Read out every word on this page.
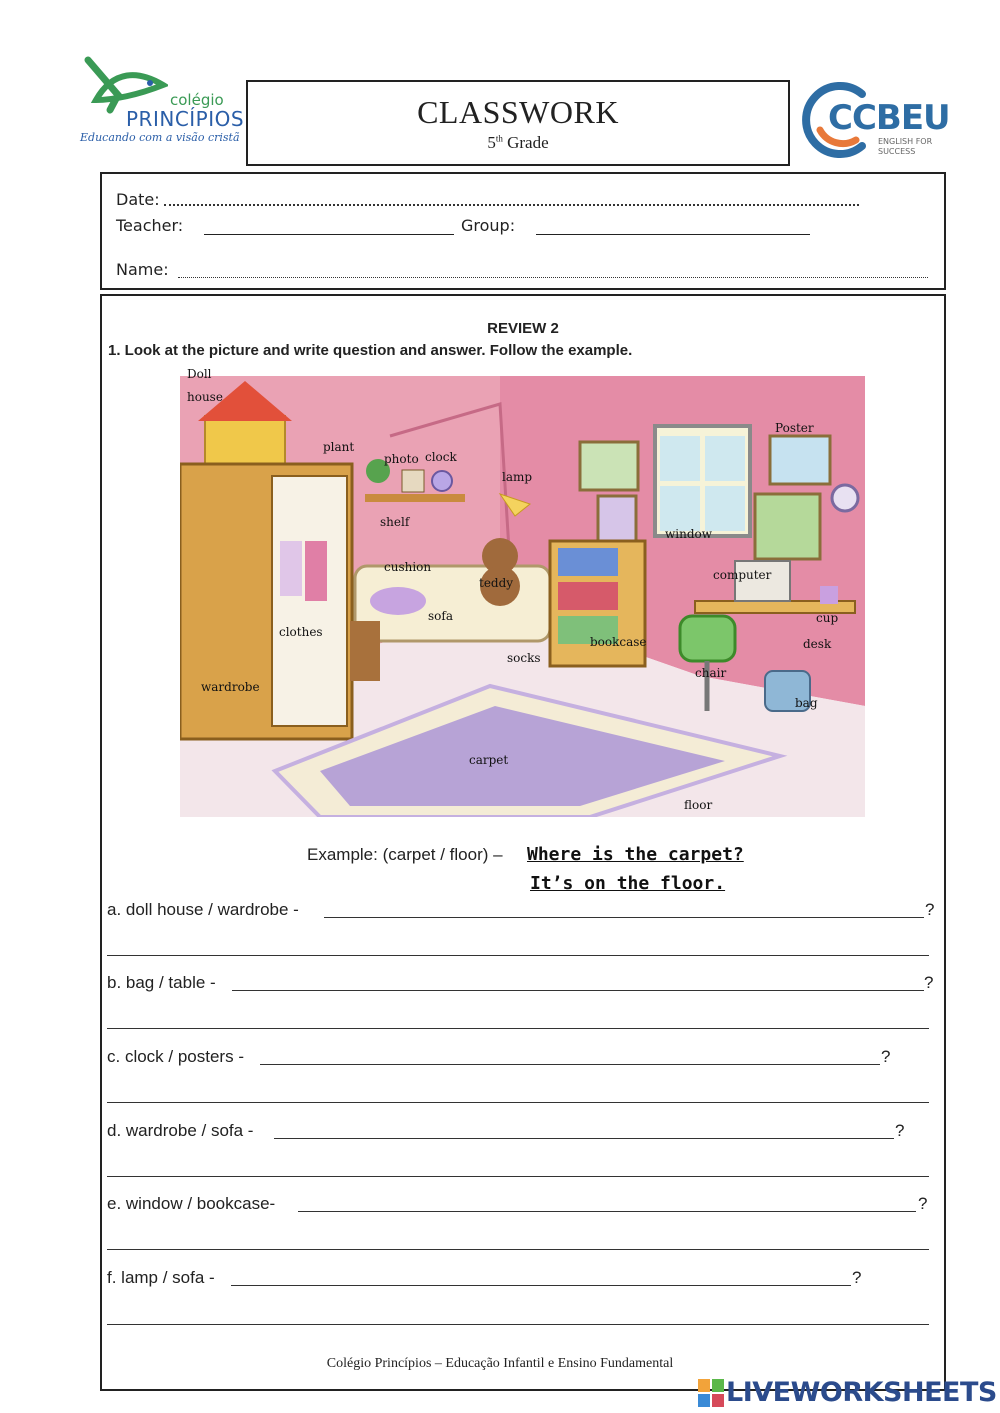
colégio
PRINCÍPIOS
Educando com a visão cristã
CLASSWORK
5th Grade
CCBEU
ENGLISH FOR SUCCESS
Date:
Teacher:	Group:
Name:
REVIEW 2
1. Look at the picture and write question and answer. Follow the example.
Doll
house
plant
photo clock
lamp
Poster
shelf
window
cushion
teddy
computer
sofa	cup
clothes
bookcase	desk
socks
chair
wardrobe
bag
carpet
floor
Example: (carpet / floor) – Where is the carpet?
It’s on the floor.
a. doll house / wardrobe -	?
b. bag / table -	?
c. clock / posters -	?
d. wardrobe / sofa -	?
e. window / bookcase-	?
f. lamp / sofa -	?
Colégio Princípios – Educação Infantil e Ensino Fundamental
LIVEWORKSHEETS
